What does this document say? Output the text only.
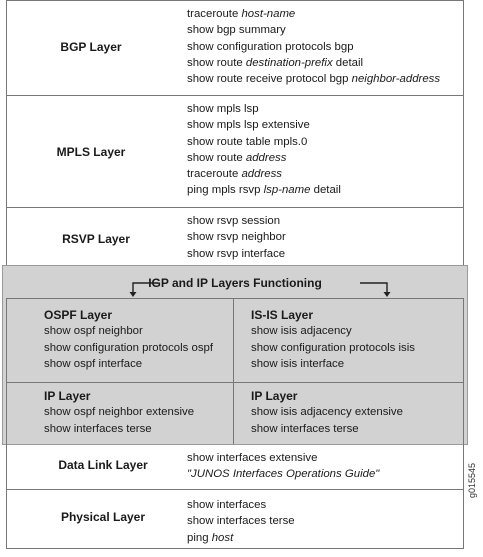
BGP Layer
traceroute host-name
show bgp summary
show configuration protocols bgp
show route destination-prefix detail
show route receive protocol bgp neighbor-address
MPLS Layer
show mpls lsp
show mpls lsp extensive
show route table mpls.0
show route address
traceroute address
ping mpls rsvp lsp-name detail
RSVP Layer
show rsvp session
show rsvp neighbor
show rsvp interface
IGP and IP Layers Functioning
OSPF Layer
show ospf neighbor
show configuration protocols ospf
show ospf interface
IS-IS Layer
show isis adjacency
show configuration protocols isis
show isis interface
IP Layer
show ospf neighbor extensive
show interfaces terse
IP Layer
show isis adjacency extensive
show interfaces terse
Data Link Layer	show interfaces extensive
"JUNOS Interfaces Operations Guide"
Physical Layer
show interfaces
show interfaces terse
ping host
g015545
